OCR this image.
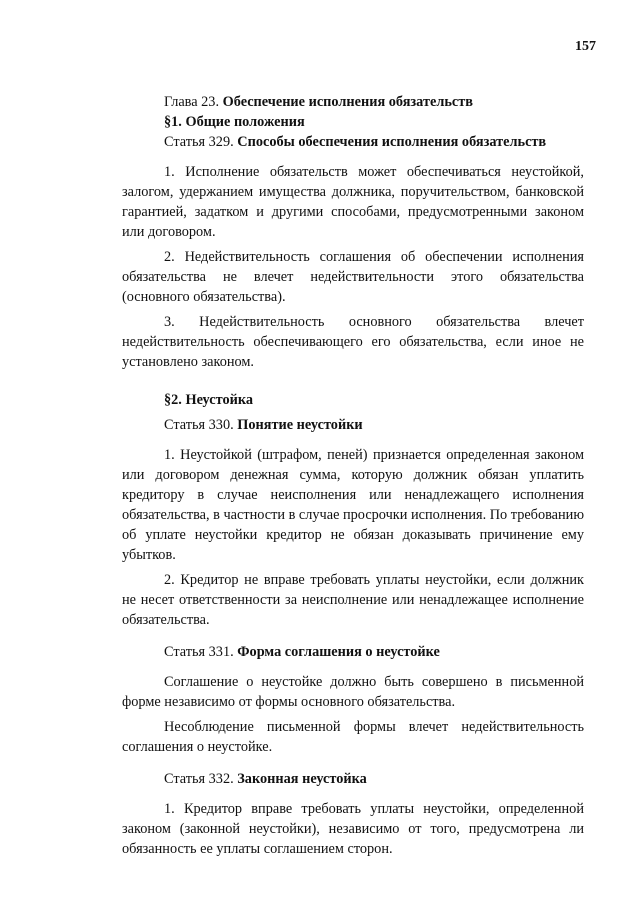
157

Глава 23. Обеспечение исполнения обязательств

§1. Общие положения

Статья 329. Способы обеспечения исполнения обязательств

1. Исполнение обязательств может обеспечиваться неустойкой, залогом, удержанием имущества должника, поручительством, банковской гарантией, задатком и другими способами, предусмотренными законом или договором.

2. Недействительность соглашения об обеспечении исполнения обязательства не влечет недействительности этого обязательства (основного обязательства).

3. Недействительность основного обязательства влечет недействительность обеспечивающего его обязательства, если иное не установлено законом.

§2. Неустойка

Статья 330. Понятие неустойки

1. Неустойкой (штрафом, пеней) признается определенная законом или договором денежная сумма, которую должник обязан уплатить кредитору в случае неисполнения или ненадлежащего исполнения обязательства, в частности в случае просрочки исполнения. По требованию об уплате неустойки кредитор не обязан доказывать причинение ему убытков.

2. Кредитор не вправе требовать уплаты неустойки, если должник не несет ответственности за неисполнение или ненадлежащее исполнение обязательства.

Статья 331. Форма соглашения о неустойке

Соглашение о неустойке должно быть совершено в письменной форме независимо от формы основного обязательства.

Несоблюдение письменной формы влечет недействительность соглашения о неустойке.

Статья 332. Законная неустойка

1. Кредитор вправе требовать уплаты неустойки, определенной законом (законной неустойки), независимо от того, предусмотрена ли обязанность ее уплаты соглашением сторон.
